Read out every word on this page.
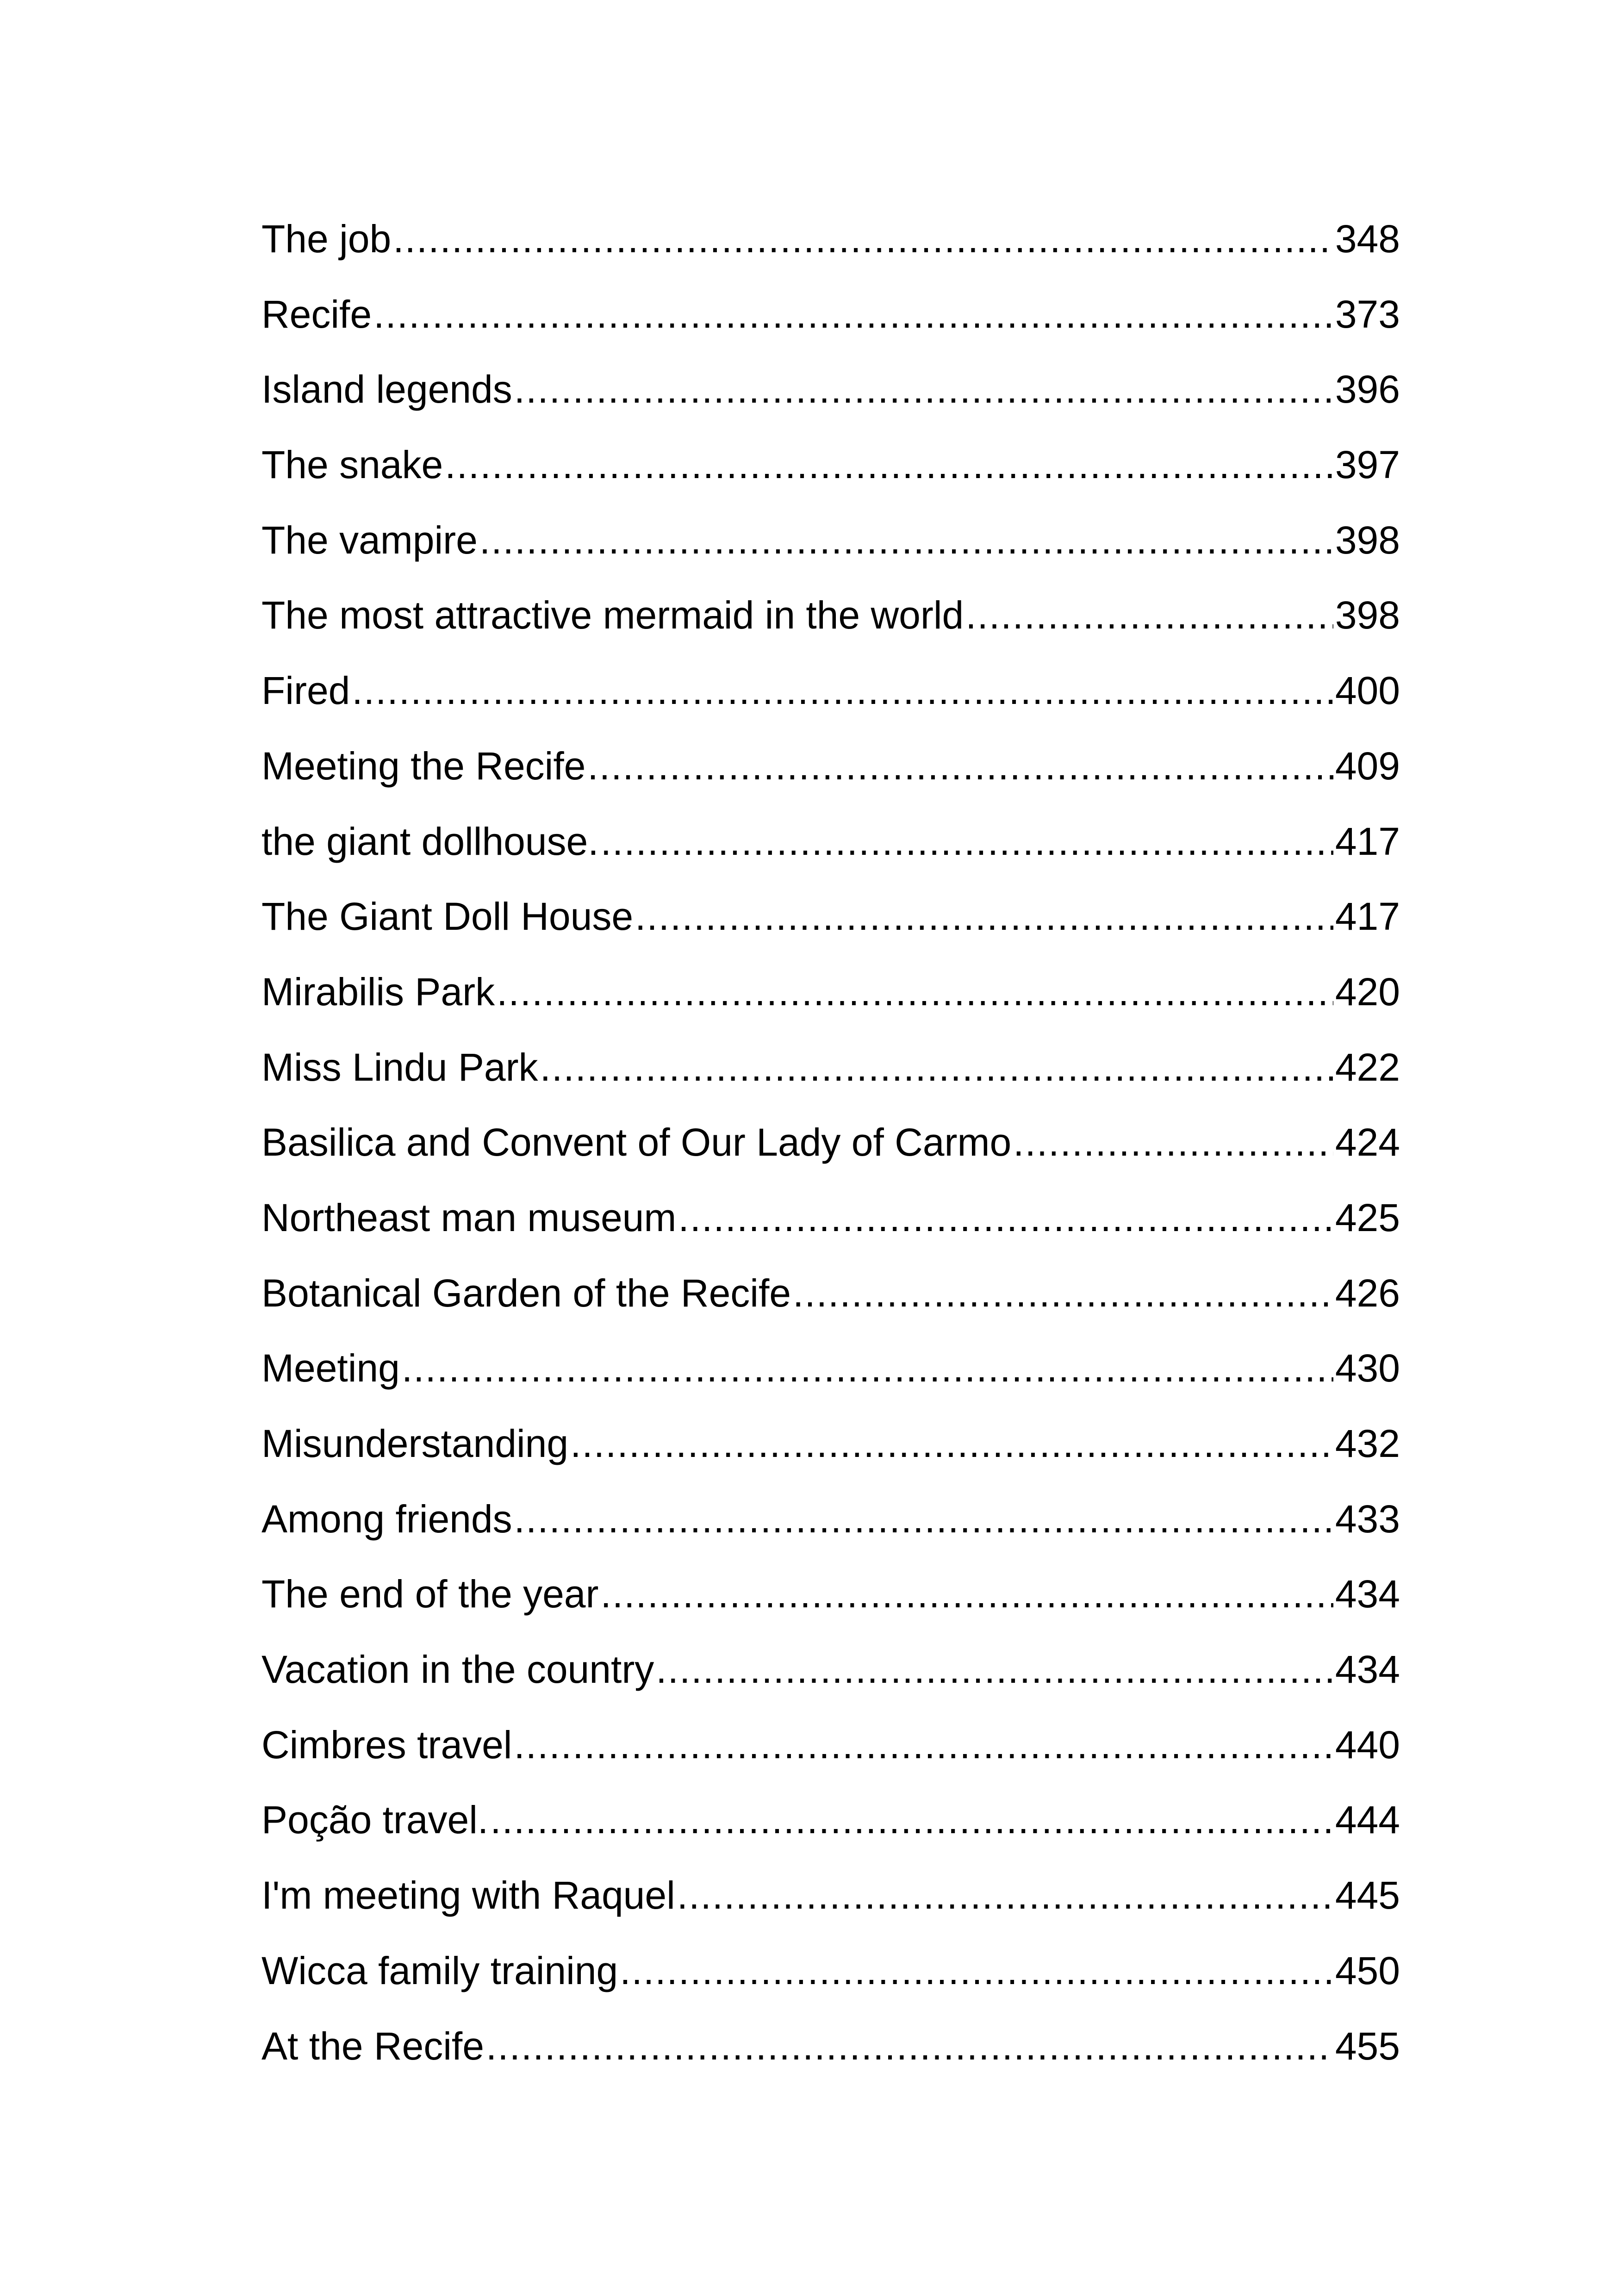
The job .....	348
Recife .....	373
Island legends .....	396
The snake .....	397
The vampire .....	398
The most attractive mermaid in the world .....	398
Fired .....	400
Meeting the Recife .....	409
the giant dollhouse. .....	417
The Giant Doll House .....	417
Mirabilis Park .....	420
Miss Lindu Park .....	422
Basilica and Convent of Our Lady of Carmo .....	424
Northeast man museum .....	425
Botanical Garden of the Recife .....	426
Meeting .....	430
Misunderstanding .....	432
Among friends .....	433
The end of the year .....	434
Vacation in the country .....	434
Cimbres travel .....	440
Poção travel. .....	444
I'm meeting with Raquel .....	445
Wicca family training .....	450
At the Recife .....	455
